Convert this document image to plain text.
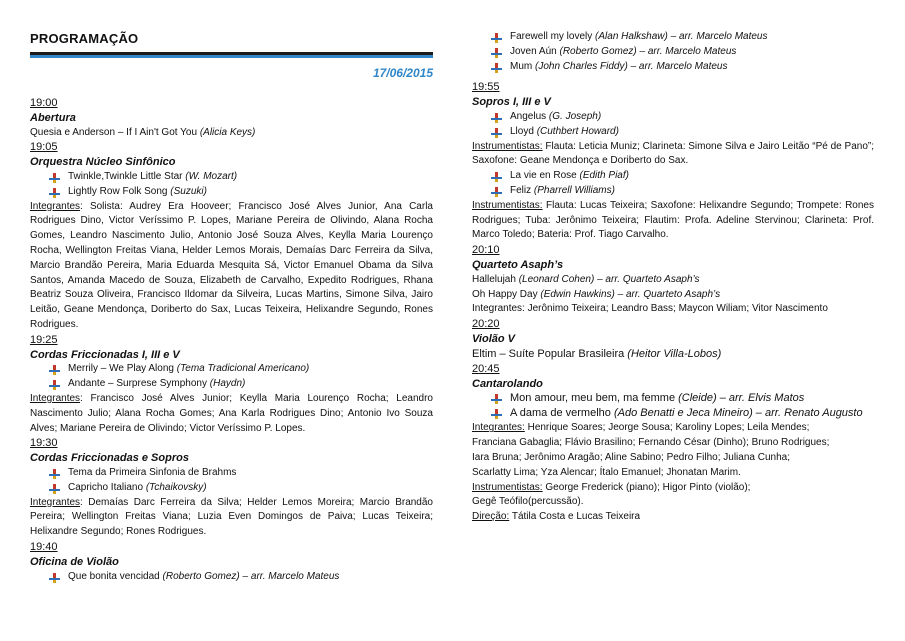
PROGRAMAÇÃO
17/06/2015
19:00
Abertura
Quesia e Anderson – If I Ain't Got You (Alicia Keys)
19:05
Orquestra Núcleo Sinfônico
Twinkle,Twinkle Little Star (W. Mozart)
Lightly Row Folk Song (Suzuki)
Integrantes: Solista: Audrey Era Hooveer; Francisco José Alves Junior, Ana Carla Rodrigues Dino, Victor Veríssimo P. Lopes, Mariane Pereira de Olivindo, Alana Rocha Gomes, Leandro Nascimento Julio, Antonio José Souza Alves, Keylla Maria Lourenço Rocha, Wellington Freitas Viana, Helder Lemos Morais, Demaías Darc Ferreira da Silva, Marcio Brandão Pereira, Maria Eduarda Mesquita Sá, Victor Emanuel Obama da Silva Santos, Amanda Macedo de Souza, Elizabeth de Carvalho, Expedito Rodrigues, Rhana Beatriz Souza Oliveira, Francisco Ildomar da Silveira, Lucas Martins, Simone Silva, Jairo Leitão, Geane Mendonça, Doriberto do Sax, Lucas Teixeira, Helixandre Segundo, Rones Rodrigues.
19:25
Cordas Friccionadas I, III e V
Merrily – We Play Along (Tema Tradicional Americano)
Andante – Surprese Symphony (Haydn)
Integrantes: Francisco José Alves Junior; Keylla Maria Lourenço Rocha; Leandro Nascimento Julio; Alana Rocha Gomes; Ana Karla Rodrigues Dino; Antonio Ivo Souza Alves; Mariane Pereira de Olivindo; Victor Veríssimo P. Lopes.
19:30
Cordas Friccionadas e Sopros
Tema da Primeira Sinfonia de Brahms
Capricho Italiano (Tchaikovsky)
Integrantes: Demaías Darc Ferreira da Silva; Helder Lemos Moreira; Marcio Brandão Pereira; Wellington Freitas Viana; Luzia Even Domingos de Paiva; Lucas Teixeira; Helixandre Segundo; Rones Rodrigues.
19:40
Oficina de Violão
Que bonita vencidad (Roberto Gomez) – arr. Marcelo Mateus
Farewell my lovely (Alan Halkshaw) – arr. Marcelo Mateus
Joven Aún (Roberto Gomez) – arr. Marcelo Mateus
Mum (John Charles Fiddy) – arr. Marcelo Mateus
19:55
Sopros I, III e V
Angelus (G. Joseph)
Lloyd (Cuthbert Howard)
Instrumentistas: Flauta: Leticia Muniz; Clarineta: Simone Silva e Jairo Leitão “Pé de Pano”; Saxofone: Geane Mendonça e Doriberto do Sax.
La vie en Rose (Edith Piaf)
Feliz (Pharrell Williams)
Instrumentistas: Flauta: Lucas Teixeira; Saxofone: Helixandre Segundo; Trompete: Rones Rodrigues; Tuba: Jerônimo Teixeira; Flautim: Profa. Adeline Stervinou; Clarineta: Prof. Marco Toledo; Bateria: Prof. Tiago Carvalho.
20:10
Quarteto Asaph’s
Hallelujah (Leonard Cohen) – arr. Quarteto Asaph’s
Oh Happy Day (Edwin Hawkins) – arr. Quarteto Asaph’s
Integrantes: Jerônimo Teixeira; Leandro Bass; Maycon Wiliam; Vitor Nascimento
20:20
Violão V
Eltim – Suíte Popular Brasileira (Heitor Villa-Lobos)
20:45
Cantarolando
Mon amour, meu bem, ma femme (Cleide) – arr. Elvis Matos
A dama de vermelho (Ado Benatti e Jeca Mineiro) – arr. Renato Augusto
Integrantes: Henrique Soares; Jeorge Sousa; Karoliny Lopes; Leila Mendes;
Franciana Gabaglia; Flávio Brasilino; Fernando César (Dinho); Bruno Rodrigues;
Iara Bruna; Jerônimo Aragão; Aline Sabino; Pedro Filho; Juliana Cunha;
Scarlatty Lima; Yza Alencar; Ítalo Emanuel; Jhonatan Marim.
Instrumentistas: George Frederick (piano); Higor Pinto (violão);
Gegê Teófilo(percussão).
Direção: Tátila Costa e Lucas Teixeira
